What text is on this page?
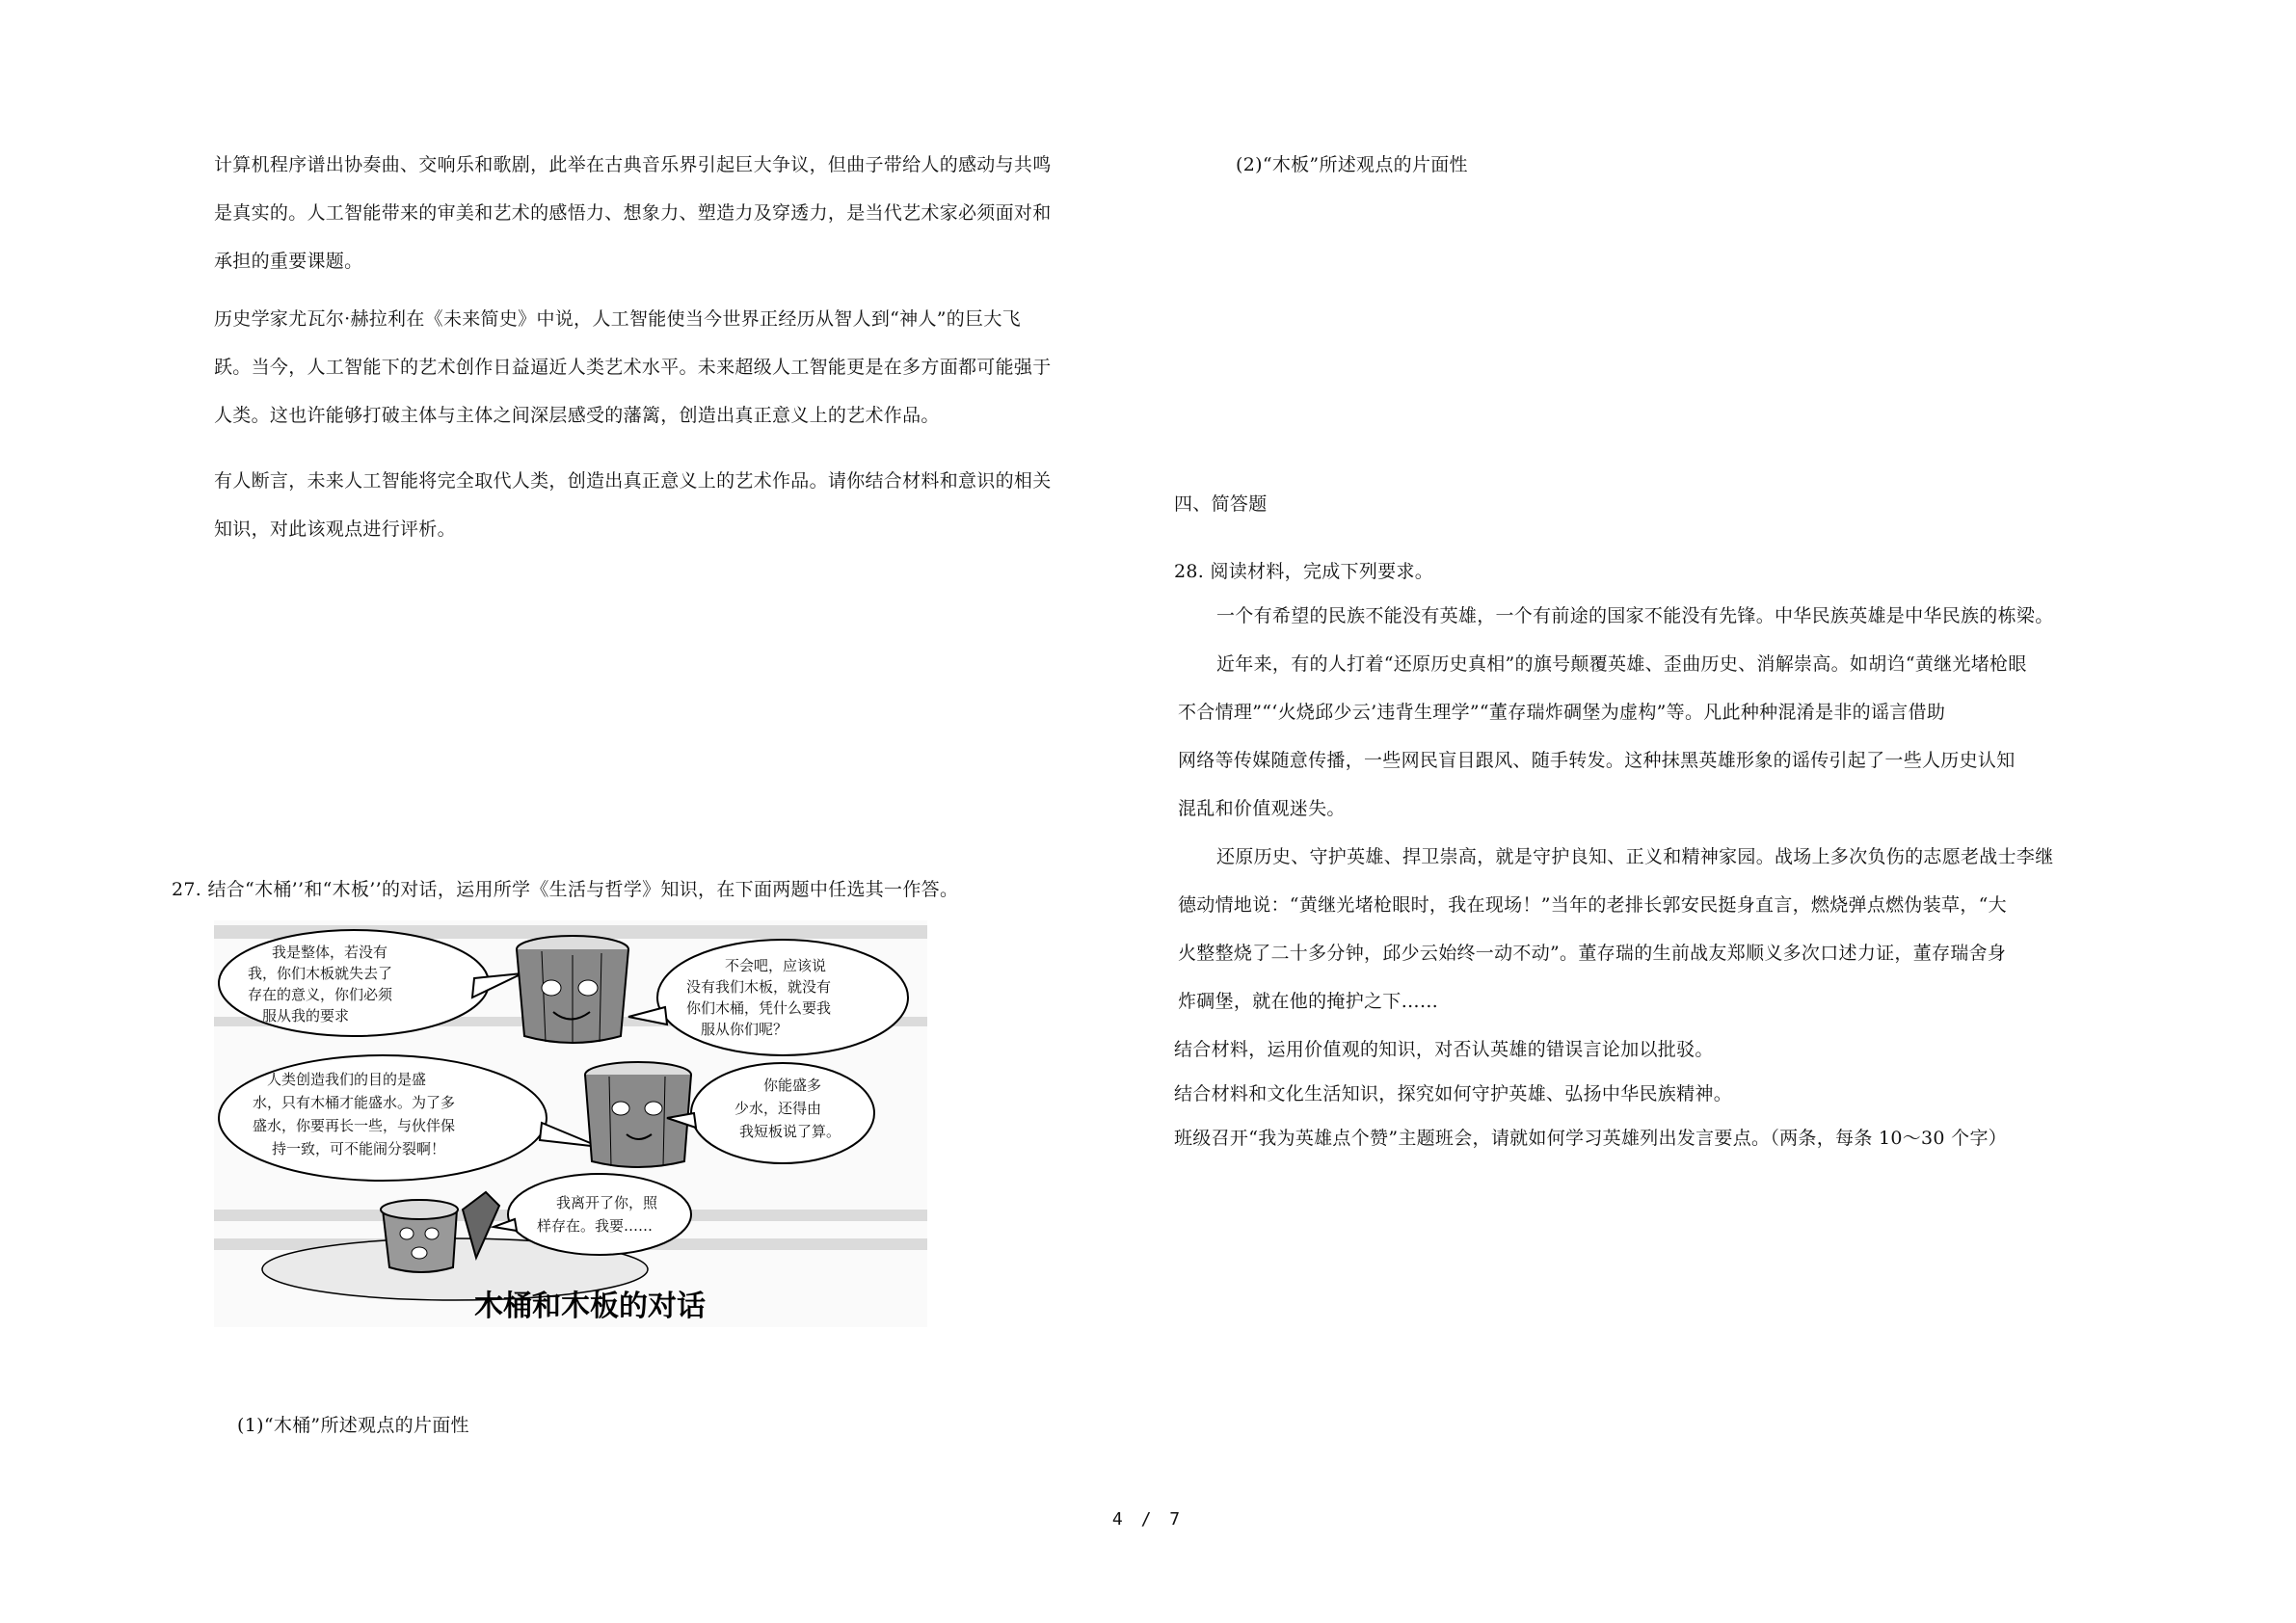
计算机程序谱出协奏曲、交响乐和歌剧，此举在古典音乐界引起巨大争议，但曲子带给人的感动与共鸣

是真实的。人工智能带来的审美和艺术的感悟力、想象力、塑造力及穿透力，是当代艺术家必须面对和

承担的重要课题。

历史学家尤瓦尔·赫拉利在《未来简史》中说，人工智能使当今世界正经历从智人到“神人”的巨大飞

跃。当今，人工智能下的艺术创作日益逼近人类艺术水平。未来超级人工智能更是在多方面都可能强于

人类。这也许能够打破主体与主体之间深层感受的藩篱，创造出真正意义上的艺术作品。

有人断言，未来人工智能将完全取代人类，创造出真正意义上的艺术作品。请你结合材料和意识的相关

知识，对此该观点进行评析。

27. 结合“木桶’’和“木板’’的对话，运用所学《生活与哲学》知识，在下面两题中任选其一作答。

我是整体，若没有
我，你们木板就失去了
存在的意义，你们必须
服从我的要求
不会吧，应该说
没有我们木板，就没有
你们木桶，凭什么要我
服从你们呢？
人类创造我们的目的是盛
水，只有木桶才能盛水。为了多
盛水，你要再长一些，与伙伴保
持一致，可不能闹分裂啊！
你能盛多
少水，还得由
我短板说了算。
我离开了你，照
样存在。我要……
木桶和木板的对话

(1)“木桶”所述观点的片面性

(2)“木板”所述观点的片面性

四、简答题

28. 阅读材料，完成下列要求。

一个有希望的民族不能没有英雄，一个有前途的国家不能没有先锋。中华民族英雄是中华民族的栋梁。

近年来，有的人打着“还原历史真相”的旗号颠覆英雄、歪曲历史、消解崇高。如胡诌“黄继光堵枪眼

不合情理”“‘火烧邱少云’违背生理学”“董存瑞炸碉堡为虚构”等。凡此种种混淆是非的谣言借助

网络等传媒随意传播，一些网民盲目跟风、随手转发。这种抹黑英雄形象的谣传引起了一些人历史认知

混乱和价值观迷失。

还原历史、守护英雄、捍卫崇高，就是守护良知、正义和精神家园。战场上多次负伤的志愿老战士李继

德动情地说：“黄继光堵枪眼时，我在现场！”当年的老排长郭安民挺身直言，燃烧弹点燃伪装草，“大

火整整烧了二十多分钟，邱少云始终一动不动”。董存瑞的生前战友郑顺义多次口述力证，董存瑞舍身

炸碉堡，就在他的掩护之下……

结合材料，运用价值观的知识，对否认英雄的错误言论加以批驳。

结合材料和文化生活知识，探究如何守护英雄、弘扬中华民族精神。

班级召开“我为英雄点个赞”主题班会，请就如何学习英雄列出发言要点。（两条，每条 10～30 个字）

4 / 7
